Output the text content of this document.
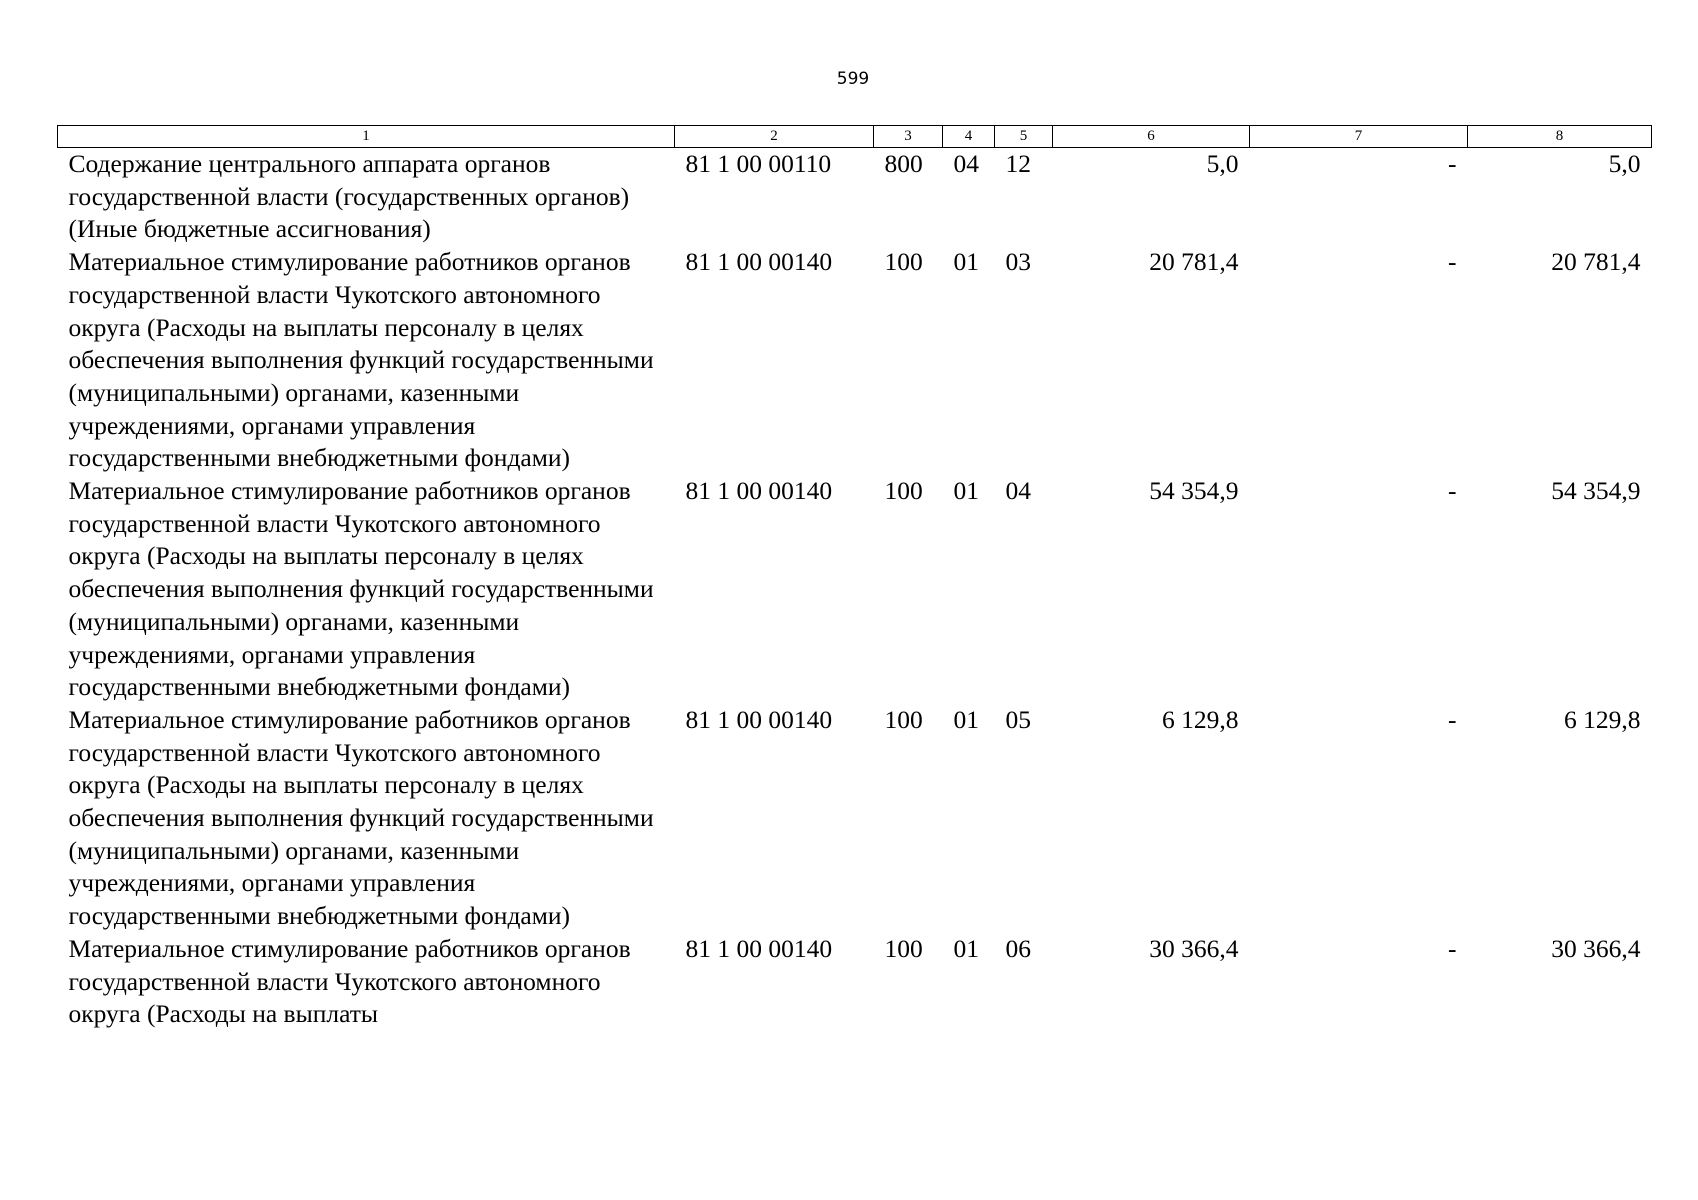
599
1	2	3	4	5	6	7	8
Содержание центрального аппарата органов государственной власти (государственных органов) (Иные бюджетные ассигнования)	81 1 00 00110	800	04	12	5,0	-	5,0
Материальное стимулирование работников органов государственной власти Чукотского автономного округа (Расходы на выплаты персоналу в целях обеспечения выполнения функций государственными (муниципальными) органами, казенными учреждениями, органами управления государственными внебюджетными фондами)	81 1 00 00140	100	01	03	20 781,4	-	20 781,4
Материальное стимулирование работников органов государственной власти Чукотского автономного округа (Расходы на выплаты персоналу в целях обеспечения выполнения функций государственными (муниципальными) органами, казенными учреждениями, органами управления государственными внебюджетными фондами)	81 1 00 00140	100	01	04	54 354,9	-	54 354,9
Материальное стимулирование работников органов государственной власти Чукотского автономного округа (Расходы на выплаты персоналу в целях обеспечения выполнения функций государственными (муниципальными) органами, казенными учреждениями, органами управления государственными внебюджетными фондами)	81 1 00 00140	100	01	05	6 129,8	-	6 129,8
Материальное стимулирование работников органов государственной власти Чукотского автономного округа (Расходы на выплаты	81 1 00 00140	100	01	06	30 366,4	-	30 366,4
